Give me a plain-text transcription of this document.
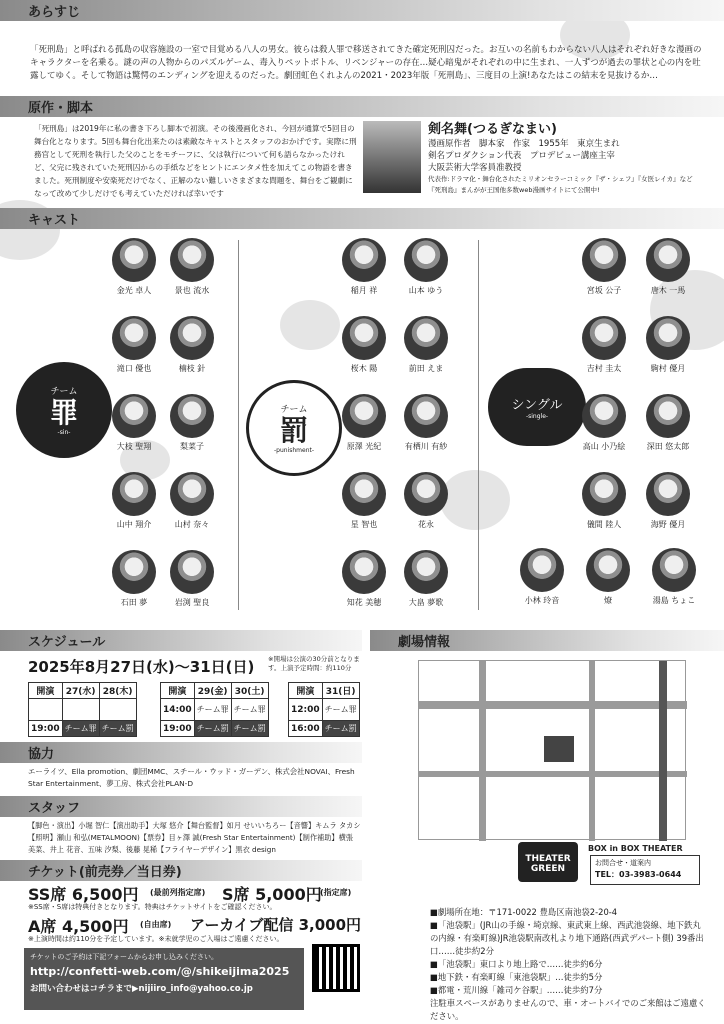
あらすじ
「死刑島」と呼ばれる孤島の収容施設の一室で目覚める八人の男女。彼らは殺人罪で移送されてきた確定死刑囚だった。お互いの名前もわからない八人はそれぞれ好きな漫画のキャラクターを名乗る。謎の声の人物からのパズルゲーム、毒入りペットボトル、リベンジャーの存在…疑心暗鬼がそれぞれの中に生まれ、一人ずつが過去の罪状と心の内を吐露してゆく。そして物語は驚愕のエンディングを迎えるのだった。劇団虹色くれよんの2021・2023年版「死刑島」、三度目の上演!あなたはこの結末を見抜けるか…
原作・脚本
「死刑島」は2019年に私の書き下ろし脚本で初演。その後漫画化され、今回が通算で5回目の舞台化となります。5回も舞台化出来たのは素敵なキャストとスタッフのおかげです。実際に刑務官として死刑を執行した父のことをモチーフに、父は執行について何も語らなかったけれど、父完に残されていた死刑囚からの手紙などをヒントにエンタメ性を加えてこの物語を書きました。死刑制度や安楽死だけでなく、正解のない難しいさまざまな問題を、舞台をご観劇になって改めて少しだけでも考えていただければ幸いです
剣名舞(つるぎなまい)
漫画原作者　脚本家　作家　1955年　東京生まれ
剣名プロダクション代表　プロデビュー講座主宰
大阪芸術大学客員准教授
代表作:ドラマ化・舞台化されたミリオンセラーコミック『ザ・シェフ』『女医レイカ』など
『死刑島』まんがが王国他多数web漫画サイトにて公開中!
キャスト
チーム
罪
-sin-
チーム
罰
-punishment-
シングル
-single-
金光 卓人	景也 流水
滝口 優也	楠枝 針
大枝 聖翔	梨菜子
山中 翔介	山村 奈々
石田 夢	岩渕 聖良
稲月 祥	山本 ゆう
桜木 陽	前田 えま
原澤 光紀	有栖川 有紗
星 智也	花永
知花 美穂	大畠 夢歌
宮坂 公子	唐木 一馬
吉村 圭太	駒村 優月
高山 小乃絵	深田 悠太郎
儀間 陸人	海野 優月
小林 玲音	燎	湯島 ちょこ
スケジュール
2025年8月27日(水)〜31日(日) ※開場は公演の30分前となります。上演予定時間：約110分
開演	27(水)	28(木)

19:00	チーム罪	チーム罰
開演	29(金)	30(土)
14:00	チーム罪	チーム罪
19:00	チーム罰	チーム罰
開演	31(日)
12:00	チーム罪
16:00	チーム罰
協力
エーライツ、Ella promotion、劇団MMC、スチール・ウッド・ガーデン、株式会社NOVAI、Fresh Star Entertainment、夢工房、株式会社PLAN-D
スタッフ
【脚色・演出】小堀 智仁【演出助手】大塚 悠介【舞台監督】如月 せいいちろー【音響】キムラ タカシ【照明】瀬山 和弘(METALMOON)【票券】目ヶ澤 誠(Fresh Star Entertainment)【制作補助】横張 美菜、井上 花音、五味 汐梨、後藤 晃稀【フライヤーデザイン】黒衣 design
チケット(前売券／当日券)
SS席 6,500円 (最前列指定席) S席 5,000円
(指定席)
※SS席・S席は特典付きとなります。特典はチケットサイトをご確認ください。
A席 4,500円 (自由席) アーカイブ配信 3,000円
※上演時間は約110分を予定しています。※未就学児のご入場はご遠慮ください。
チケットのご予約は下記フォームからお申し込みください。
http://confetti-web.com/@/shikeijima2025
お問い合わせはコチラまで▶nijiiro_info@yahoo.co.jp
劇場情報
THEATER GREEN
BOX in BOX THEATER
お問合せ・道案内
TEL：03-3983-0644
■劇場所在地：〒171-0022 豊島区南池袋2-20-4
■「池袋駅」(JR山の手線・埼京線、東武東上線、西武池袋線、地下鉄丸の内線・有楽町線)JR池袋駅南改札より地下通路(西武デパート側) 39番出口……徒歩約2分
■「池袋駅」東口より地上路で……徒歩約6分
■地下鉄・有楽町線「東池袋駅」…徒歩約5分
■都電・荒川線「雑司ケ谷駅」……徒歩約7分
注駐車スペースがありませんので、車・オートバイでのご来館はご遠慮ください。
